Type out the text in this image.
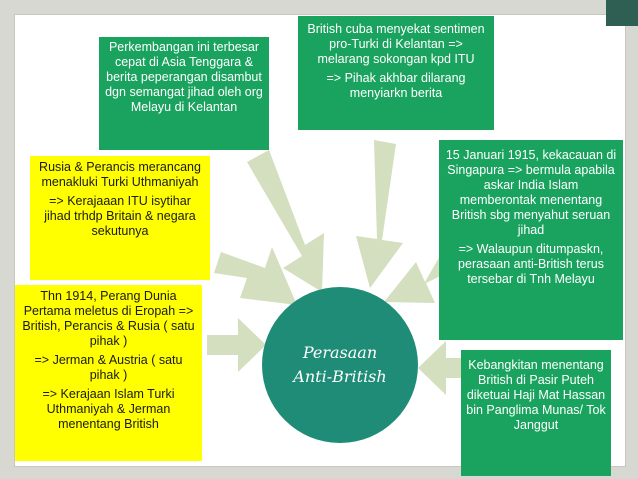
Perkembangan ini terbesar cepat di Asia Tenggara & berita peperangan disambut dgn semangat jihad oleh org Melayu di Kelantan

British cuba menyekat sentimen pro-Turki di Kelantan => melarang sokongan kpd ITU

=> Pihak akhbar dilarang menyiarkn berita

Rusia & Perancis merancang menakluki Turki Uthmaniyah

=> Kerajaaan ITU isytihar jihad trhdp Britain & negara sekutunya

15 Januari 1915, kekacauan di Singapura => bermula apabila askar India Islam memberontak menentang British sbg menyahut seruan jihad

=> Walaupun ditumpaskn, perasaan anti-British terus tersebar di Tnh Melayu

Thn 1914, Perang Dunia Pertama meletus di Eropah => British, Perancis & Rusia ( satu pihak )

=> Jerman & Austria ( satu pihak )

=> Kerajaan Islam Turki Uthmaniyah & Jerman menentang British

Kebangkitan menentang British di Pasir Puteh diketuai Haji Mat Hassan bin Panglima Munas/ Tok Janggut

Perasaan
Anti-British
